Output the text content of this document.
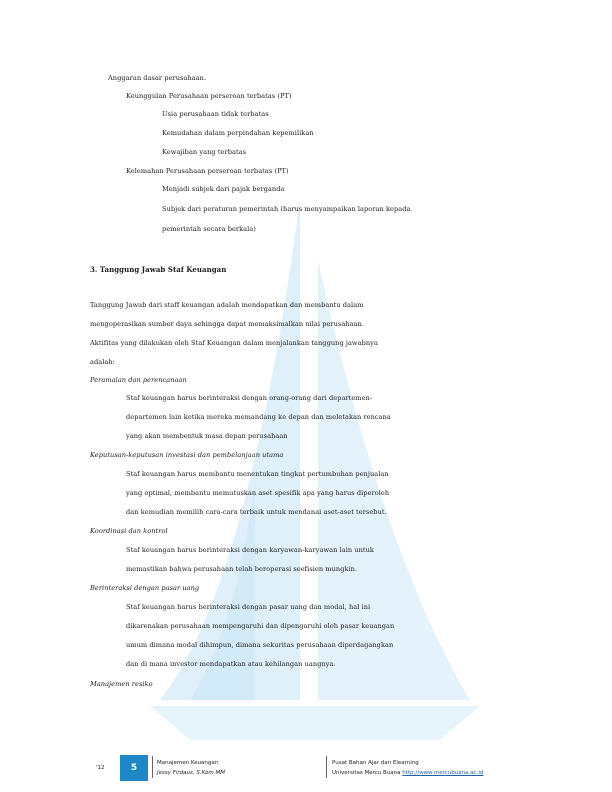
Anggaran dasar perusahaan.
Keunggulan Perusahaan perseroan terbatas (PT)
Usia perusahaan tidak terbatas
Kemudahan dalam perpindahan kepemilikan
Kewajiban yang terbatas
Kelemahan Perusahaan perseroan terbatas (PT)
Menjadi subjek dari pajak berganda
Subjek dari peraturan pemerintah (harus menyampaikan laporan kepada
pemerintah secara berkala)
3. Tanggung Jawab Staf Keuangan
Tanggung Jawab dari staff keuangan adalah mendapatkan dan membantu dalam
mengoperasikan sumber daya sehingga dapat memaksimalkan nilai perusahaan.
Aktifitas yang dilakukan oleh Staf Keuangan dalam menjalankan tanggung jawabnya
adalah:
Peramalan dan perencanaan
Staf keuangan harus berinteraksi dengan orang-orang dari departemen-
departemen lain ketika mereka memandang ke depan dan meletakan rencana
yang akan membentuk masa depan perusahaan
Keputusan-keputusan investasi dan pembelanjaan utama
Staf keuangan harus membantu menentukan tingkat pertumbuhan penjualan
yang optimal, membantu memutuskan aset spesifik apa yang harus diperoleh
dan kemudian memilih cara-cara terbaik untuk mendanai aset-aset tersebut.
Koordinasi dan kontrol
Staf keuangan harus berinteraksi dengan karyawan-karyawan lain untuk
memastikan bahwa perusahaan telah beroperasi seefisien mungkin.
Berinteraksi dengan pasar uang
Staf keuangan harus berinteraksi dengan pasar uang dan modal, hal ini
dikarenakan perusahaan mempengaruhi dan dipengaruhi oleh pasar keuangan
umum dimana modal dihimpun, dimana sekuritas perusahaan diperdagangkan
dan di mana investor mendapatkan atau kehilangan uangnya.
Manajemen resiko
'12	5	Manajemen Keuangan
Jessy Firdaus, S.Kom MM
Pusat Bahan Ajar dan Elearning
Universitas Mercu Buana http://www.mercubuana.ac.id
